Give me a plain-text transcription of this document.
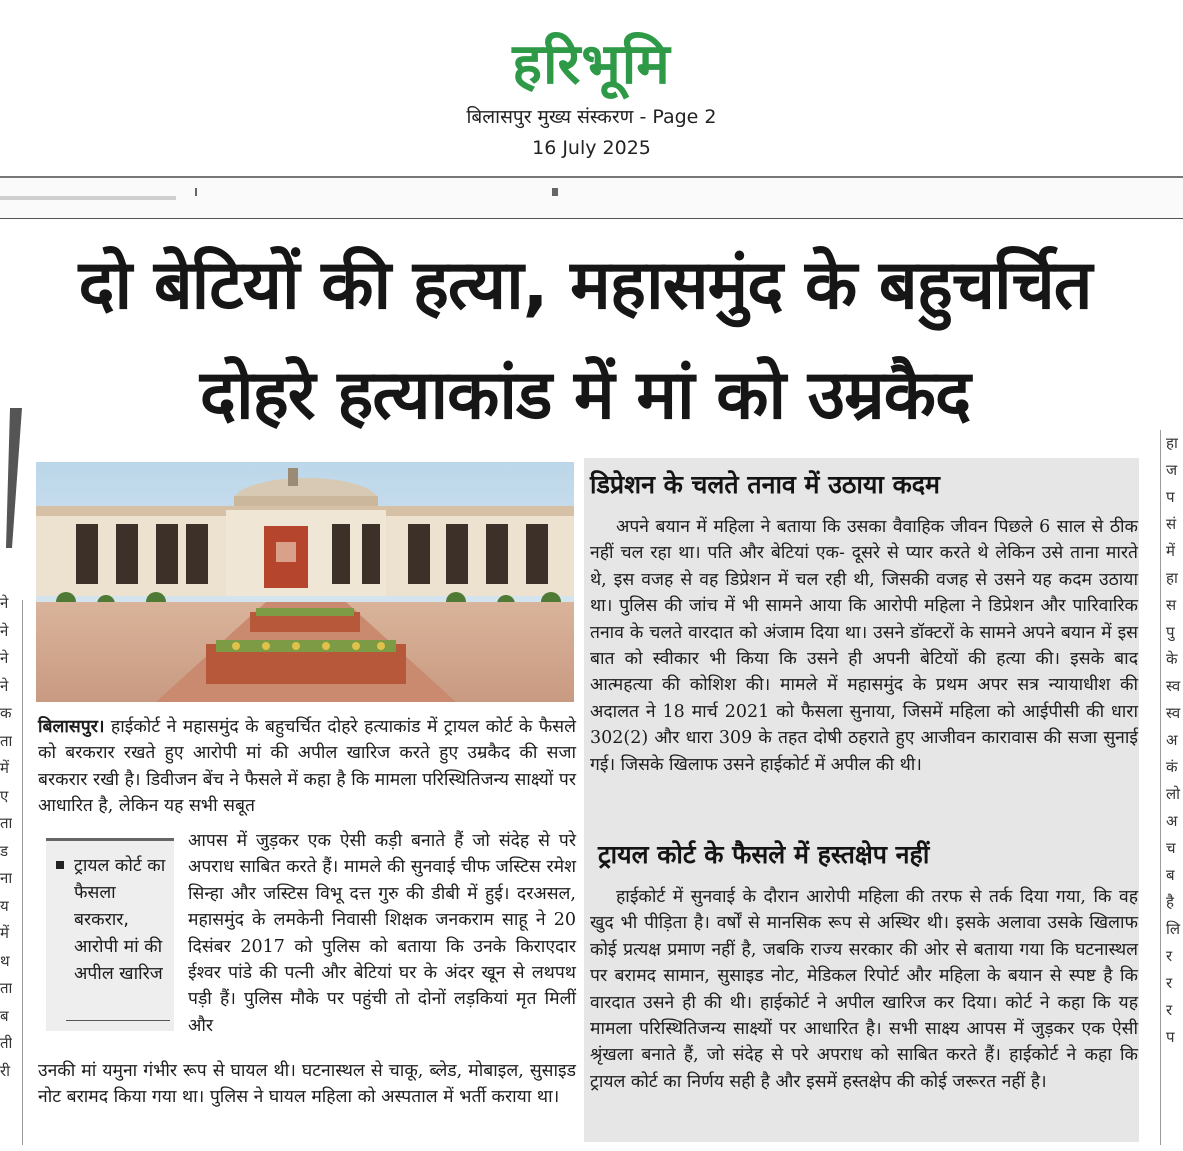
हरिभूमि
बिलासपुर मुख्य संस्करण - Page 2
16 July 2025
दो बेटियों की हत्या, महासमुंद के बहुचर्चित
दोहरे हत्याकांड में मां को उम्रकैद
बिलासपुर। हाईकोर्ट ने महासमुंद के बहुचर्चित दोहरे हत्याकांड में ट्रायल कोर्ट के फैसले को बरकरार रखते हुए आरोपी मां की अपील खारिज करते हुए उम्रकैद की सजा बरकरार रखी है। डिवीजन बेंच ने फैसले में कहा है कि मामला परिस्थितिजन्य साक्ष्यों पर आधारित है, लेकिन यह सभी सबूत
ट्रायल कोर्ट का फैसला बरकरार, आरोपी मां की अपील खारिज
आपस में जुड़कर एक ऐसी कड़ी बनाते हैं जो संदेह से परे अपराध साबित करते हैं। मामले की सुनवाई चीफ जस्टिस रमेश सिन्हा और जस्टिस विभू दत्त गुरु की डीबी में हुई। दरअसल, महासमुंद के लमकेनी निवासी शिक्षक जनकराम साहू ने 20 दिसंबर 2017 को पुलिस को बताया कि उनके किराएदार ईश्वर पांडे की पत्नी और बेटियां घर के अंदर खून से लथपथ पड़ी हैं। पुलिस मौके पर पहुंची तो दोनों लड़कियां मृत मिलीं और
उनकी मां यमुना गंभीर रूप से घायल थी। घटनास्थल से चाकू, ब्लेड, मोबाइल, सुसाइड नोट बरामद किया गया था। पुलिस ने घायल महिला को अस्पताल में भर्ती कराया था।
डिप्रेशन के चलते तनाव में उठाया कदम
अपने बयान में महिला ने बताया कि उसका वैवाहिक जीवन पिछले 6 साल से ठीक नहीं चल रहा था। पति और बेटियां एक- दूसरे से प्यार करते थे लेकिन उसे ताना मारते थे, इस वजह से वह डिप्रेशन में चल रही थी, जिसकी वजह से उसने यह कदम उठाया था। पुलिस की जांच में भी सामने आया कि आरोपी महिला ने डिप्रेशन और पारिवारिक तनाव के चलते वारदात को अंजाम दिया था। उसने डॉक्टरों के सामने अपने बयान में इस बात को स्वीकार भी किया कि उसने ही अपनी बेटियों की हत्या की। इसके बाद आत्महत्या की कोशिश की। मामले में महासमुंद के प्रथम अपर सत्र न्यायाधीश की अदालत ने 18 मार्च 2021 को फैसला सुनाया, जिसमें महिला को आईपीसी की धारा 302(2) और धारा 309 के तहत दोषी ठहराते हुए आजीवन कारावास की सजा सुनाई गई। जिसके खिलाफ उसने हाईकोर्ट में अपील की थी।
ट्रायल कोर्ट के फैसले में हस्तक्षेप नहीं
हाईकोर्ट में सुनवाई के दौरान आरोपी महिला की तरफ से तर्क दिया गया, कि वह खुद भी पीड़िता है। वर्षों से मानसिक रूप से अस्थिर थी। इसके अलावा उसके खिलाफ कोई प्रत्यक्ष प्रमाण नहीं है, जबकि राज्य सरकार की ओर से बताया गया कि घटनास्थल पर बरामद सामान, सुसाइड नोट, मेडिकल रिपोर्ट और महिला के बयान से स्पष्ट है कि वारदात उसने ही की थी। हाईकोर्ट ने अपील खारिज कर दिया। कोर्ट ने कहा कि यह मामला परिस्थितिजन्य साक्ष्यों पर आधारित है। सभी साक्ष्य आपस में जुड़कर एक ऐसी श्रृंखला बनाते हैं, जो संदेह से परे अपराध को साबित करते हैं। हाईकोर्ट ने कहा कि ट्रायल कोर्ट का निर्णय सही है और इसमें हस्तक्षेप की कोई जरूरत नहीं है।
ने ने ने ने क ता में ए ता ड ना य में थ ता ब ती री
हा ज प सं में हा स पु के स्व स्व अ कं लो अ च ब है लि र र र प
